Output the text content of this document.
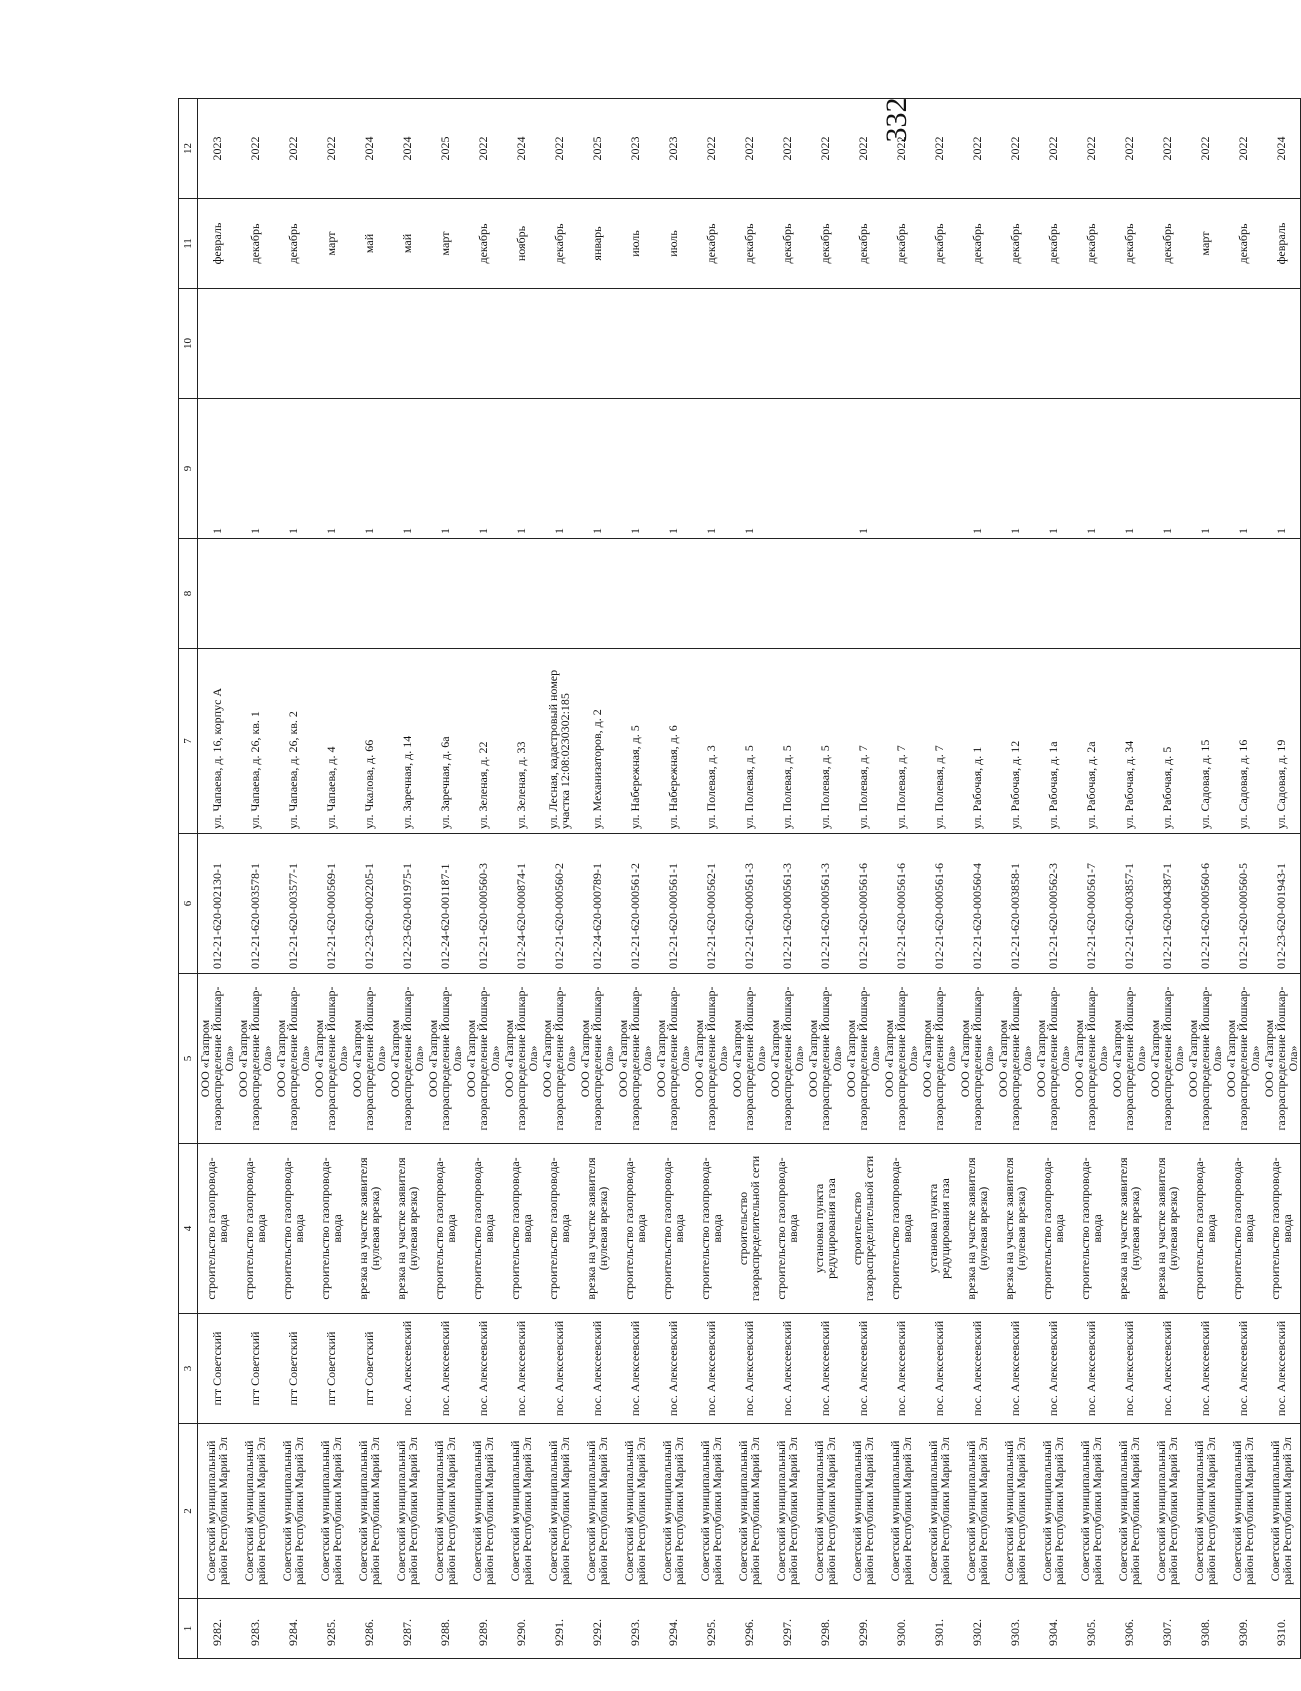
332
1	2	3	4	5	6	7	8	9	10	11	12
9282.	Советский муниципальный район Республики Марий Эл	пгт Советский	строительство газопровода-ввода	ООО «Газпром газораспределение Йошкар-Ола»	012-21-620-002130-1	ул. Чапаева, д. 16, корпус А		1		февраль	2023
9283.	Советский муниципальный район Республики Марий Эл	пгт Советский	строительство газопровода-ввода	ООО «Газпром газораспределение Йошкар-Ола»	012-21-620-003578-1	ул. Чапаева, д. 26, кв. 1		1		декабрь	2022
9284.	Советский муниципальный район Республики Марий Эл	пгт Советский	строительство газопровода-ввода	ООО «Газпром газораспределение Йошкар-Ола»	012-21-620-003577-1	ул. Чапаева, д. 26, кв. 2		1		декабрь	2022
9285.	Советский муниципальный район Республики Марий Эл	пгт Советский	строительство газопровода-ввода	ООО «Газпром газораспределение Йошкар-Ола»	012-21-620-000569-1	ул. Чапаева, д. 4		1		март	2022
9286.	Советский муниципальный район Республики Марий Эл	пгт Советский	врезка на участке заявителя (нулевая врезка)	ООО «Газпром газораспределение Йошкар-Ола»	012-23-620-002205-1	ул. Чкалова, д. 66		1		май	2024
9287.	Советский муниципальный район Республики Марий Эл	пос. Алексеевский	врезка на участке заявителя (нулевая врезка)	ООО «Газпром газораспределение Йошкар-Ола»	012-23-620-001975-1	ул. Заречная, д. 14		1		май	2024
9288.	Советский муниципальный район Республики Марий Эл	пос. Алексеевский	строительство газопровода-ввода	ООО «Газпром газораспределение Йошкар-Ола»	012-24-620-001187-1	ул. Заречная, д. 6а		1		март	2025
9289.	Советский муниципальный район Республики Марий Эл	пос. Алексеевский	строительство газопровода-ввода	ООО «Газпром газораспределение Йошкар-Ола»	012-21-620-000560-3	ул. Зеленая, д. 22		1		декабрь	2022
9290.	Советский муниципальный район Республики Марий Эл	пос. Алексеевский	строительство газопровода-ввода	ООО «Газпром газораспределение Йошкар-Ола»	012-24-620-000874-1	ул. Зеленая, д. 33		1		ноябрь	2024
9291.	Советский муниципальный район Республики Марий Эл	пос. Алексеевский	строительство газопровода-ввода	ООО «Газпром газораспределение Йошкар-Ола»	012-21-620-000560-2	ул. Лесная, кадастровый номер участка 12:08:0230302:185		1		декабрь	2022
9292.	Советский муниципальный район Республики Марий Эл	пос. Алексеевский	врезка на участке заявителя (нулевая врезка)	ООО «Газпром газораспределение Йошкар-Ола»	012-24-620-000789-1	ул. Механизаторов, д. 2		1		январь	2025
9293.	Советский муниципальный район Республики Марий Эл	пос. Алексеевский	строительство газопровода-ввода	ООО «Газпром газораспределение Йошкар-Ола»	012-21-620-000561-2	ул. Набережная, д. 5		1		июль	2023
9294.	Советский муниципальный район Республики Марий Эл	пос. Алексеевский	строительство газопровода-ввода	ООО «Газпром газораспределение Йошкар-Ола»	012-21-620-000561-1	ул. Набережная, д. 6		1		июль	2023
9295.	Советский муниципальный район Республики Марий Эл	пос. Алексеевский	строительство газопровода-ввода	ООО «Газпром газораспределение Йошкар-Ола»	012-21-620-000562-1	ул. Полевая, д. 3		1		декабрь	2022
9296.	Советский муниципальный район Республики Марий Эл	пос. Алексеевский	строительство газораспределительной сети	ООО «Газпром газораспределение Йошкар-Ола»	012-21-620-000561-3	ул. Полевая, д. 5		1		декабрь	2022
9297.	Советский муниципальный район Республики Марий Эл	пос. Алексеевский	строительство газопровода-ввода	ООО «Газпром газораспределение Йошкар-Ола»	012-21-620-000561-3	ул. Полевая, д. 5				декабрь	2022
9298.	Советский муниципальный район Республики Марий Эл	пос. Алексеевский	установка пункта редуцирования газа	ООО «Газпром газораспределение Йошкар-Ола»	012-21-620-000561-3	ул. Полевая, д. 5				декабрь	2022
9299.	Советский муниципальный район Республики Марий Эл	пос. Алексеевский	строительство газораспределительной сети	ООО «Газпром газораспределение Йошкар-Ола»	012-21-620-000561-6	ул. Полевая, д. 7		1		декабрь	2022
9300.	Советский муниципальный район Республики Марий Эл	пос. Алексеевский	строительство газопровода-ввода	ООО «Газпром газораспределение Йошкар-Ола»	012-21-620-000561-6	ул. Полевая, д. 7				декабрь	2022
9301.	Советский муниципальный район Республики Марий Эл	пос. Алексеевский	установка пункта редуцирования газа	ООО «Газпром газораспределение Йошкар-Ола»	012-21-620-000561-6	ул. Полевая, д. 7				декабрь	2022
9302.	Советский муниципальный район Республики Марий Эл	пос. Алексеевский	врезка на участке заявителя (нулевая врезка)	ООО «Газпром газораспределение Йошкар-Ола»	012-21-620-000560-4	ул. Рабочая, д. 1		1		декабрь	2022
9303.	Советский муниципальный район Республики Марий Эл	пос. Алексеевский	врезка на участке заявителя (нулевая врезка)	ООО «Газпром газораспределение Йошкар-Ола»	012-21-620-003858-1	ул. Рабочая, д. 12		1		декабрь	2022
9304.	Советский муниципальный район Республики Марий Эл	пос. Алексеевский	строительство газопровода-ввода	ООО «Газпром газораспределение Йошкар-Ола»	012-21-620-000562-3	ул. Рабочая, д. 1а		1		декабрь	2022
9305.	Советский муниципальный район Республики Марий Эл	пос. Алексеевский	строительство газопровода-ввода	ООО «Газпром газораспределение Йошкар-Ола»	012-21-620-000561-7	ул. Рабочая, д. 2а		1		декабрь	2022
9306.	Советский муниципальный район Республики Марий Эл	пос. Алексеевский	врезка на участке заявителя (нулевая врезка)	ООО «Газпром газораспределение Йошкар-Ола»	012-21-620-003857-1	ул. Рабочая, д. 34		1		декабрь	2022
9307.	Советский муниципальный район Республики Марий Эл	пос. Алексеевский	врезка на участке заявителя (нулевая врезка)	ООО «Газпром газораспределение Йошкар-Ола»	012-21-620-004387-1	ул. Рабочая, д. 5		1		декабрь	2022
9308.	Советский муниципальный район Республики Марий Эл	пос. Алексеевский	строительство газопровода-ввода	ООО «Газпром газораспределение Йошкар-Ола»	012-21-620-000560-6	ул. Садовая, д. 15		1		март	2022
9309.	Советский муниципальный район Республики Марий Эл	пос. Алексеевский	строительство газопровода-ввода	ООО «Газпром газораспределение Йошкар-Ола»	012-21-620-000560-5	ул. Садовая, д. 16		1		декабрь	2022
9310.	Советский муниципальный район Республики Марий Эл	пос. Алексеевский	строительство газопровода-ввода	ООО «Газпром газораспределение Йошкар-Ола»	012-23-620-001943-1	ул. Садовая, д. 19		1		февраль	2024
